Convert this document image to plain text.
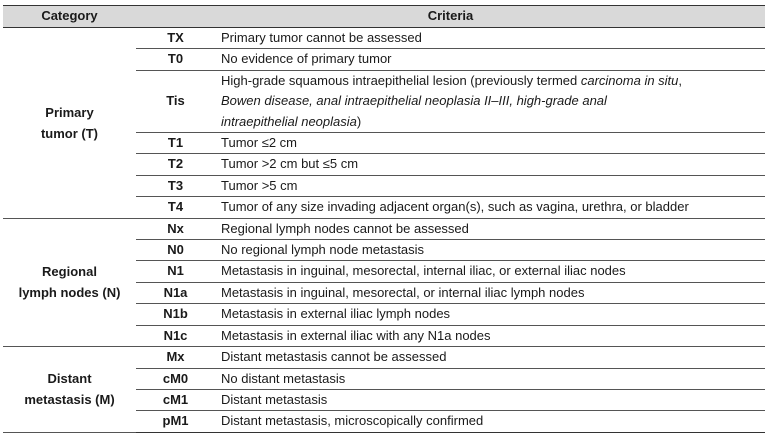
Category	Criteria	

Primary
tumor (T)	TX	Primary tumor cannot be assessed
	T0	No evidence of primary tumor
	Tis	High-grade squamous intraepithelial lesion (previously termed carcinoma in situ,
Bowen disease, anal intraepithelial neoplasia II–III, high-grade anal
intraepithelial neoplasia)

	T1	Tumor ≤2 cm
	T2	Tumor >2 cm but ≤5 cm
	T3	Tumor >5 cm
	T4	Tumor of any size invading adjacent organ(s), such as vagina, urethra, or bladder

Regional
lymph nodes (N)	Nx	Regional lymph nodes cannot be assessed
	N0	No regional lymph node metastasis
	N1	Metastasis in inguinal, mesorectal, internal iliac, or external iliac nodes
	N1a	Metastasis in inguinal, mesorectal, or internal iliac lymph nodes
	N1b	Metastasis in external iliac lymph nodes
	N1c	Metastasis in external iliac with any N1a nodes

Distant
metastasis (M)	Mx	Distant metastasis cannot be assessed
	cM0	No distant metastasis
	cM1	Distant metastasis
	pM1	Distant metastasis, microscopically confirmed
